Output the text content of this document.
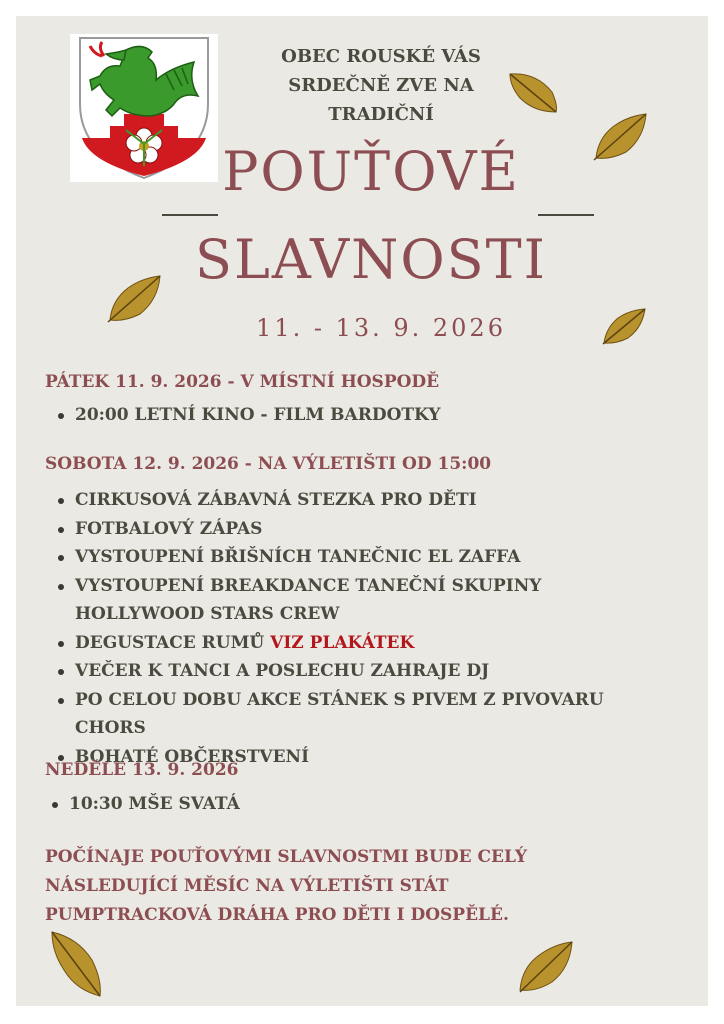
OBEC ROUSKÉ VÁS
SRDEČNĚ ZVE NA
TRADIČNÍ
POUŤOVÉ
SLAVNOSTI
11. - 13. 9. 2026
PÁTEK 11. 9. 2026 - V MÍSTNÍ HOSPODĚ
20:00 LETNÍ KINO - FILM BARDOTKY
SOBOTA 12. 9. 2026 - NA VÝLETIŠTI OD 15:00
CIRKUSOVÁ ZÁBAVNÁ STEZKA PRO DĚTI
FOTBALOVÝ ZÁPAS
VYSTOUPENÍ BŘIŠNÍCH TANEČNIC EL ZAFFA
VYSTOUPENÍ BREAKDANCE TANEČNÍ SKUPINY HOLLYWOOD STARS CREW
DEGUSTACE RUMŮ VIZ PLAKÁTEK
VEČER K TANCI A POSLECHU ZAHRAJE DJ
PO CELOU DOBU AKCE STÁNEK S PIVEM Z PIVOVARU CHORS
BOHATÉ OBČERSTVENÍ
NEDĚLE 13. 9. 2026
10:30 MŠE SVATÁ
POČÍNAJE POUŤOVÝMI SLAVNOSTMI BUDE CELÝ
NÁSLEDUJÍCÍ MĚSÍC NA VÝLETIŠTI STÁT
PUMPTRACKOVÁ DRÁHA PRO DĚTI I DOSPĚLÉ.
